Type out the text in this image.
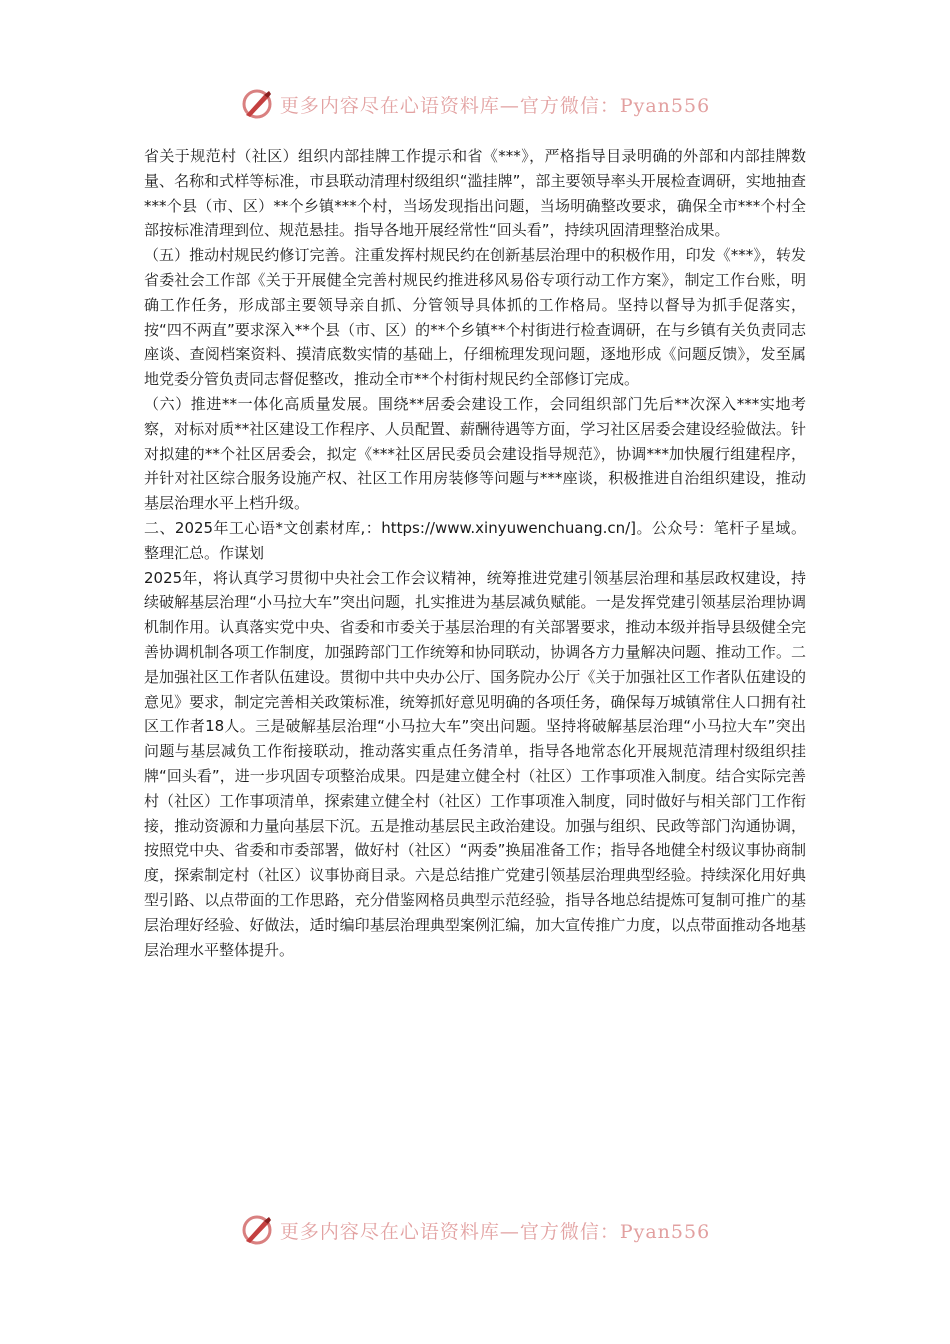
更多内容尽在心语资料库—官方微信：Pyan556

省关于规范村（社区）组织内部挂牌工作提示和省《***》，严格指导目录明确的外部和内部挂牌数量、名称和式样等标准，市县联动清理村级组织“滥挂牌”，部主要领导率头开展检查调研，实地抽查***个县（市、区）**个乡镇***个村，当场发现指出问题，当场明确整改要求，确保全市***个村全部按标准清理到位、规范悬挂。指导各地开展经常性“回头看”，持续巩固清理整治成果。

（五）推动村规民约修订完善。注重发挥村规民约在创新基层治理中的积极作用，印发《***》，转发省委社会工作部《关于开展健全完善村规民约推进移风易俗专项行动工作方案》，制定工作台账，明确工作任务，形成部主要领导亲自抓、分管领导具体抓的工作格局。坚持以督导为抓手促落实，按“四不两直”要求深入**个县（市、区）的**个乡镇**个村街进行检查调研，在与乡镇有关负责同志座谈、查阅档案资料、摸清底数实情的基础上，仔细梳理发现问题，逐地形成《问题反馈》，发至属地党委分管负责同志督促整改，推动全市**个村街村规民约全部修订完成。

（六）推进**一体化高质量发展。围绕**居委会建设工作，会同组织部门先后**次深入***实地考察，对标对质**社区建设工作程序、人员配置、薪酬待遇等方面，学习社区居委会建设经验做法。针对拟建的**个社区居委会，拟定《***社区居民委员会建设指导规范》，协调***加快履行组建程序，并针对社区综合服务设施产权、社区工作用房装修等问题与***座谈，积极推进自治组织建设，推动基层治理水平上档升级。

二、2025年工心语*文创素材库,：https://www.xinyuwenchuang.cn/]。公众号：笔杆子星域。整理汇总。作谋划

2025年，将认真学习贯彻中央社会工作会议精神，统筹推进党建引领基层治理和基层政权建设，持续破解基层治理“小马拉大车”突出问题，扎实推进为基层减负赋能。一是发挥党建引领基层治理协调机制作用。认真落实党中央、省委和市委关于基层治理的有关部署要求，推动本级并指导县级健全完善协调机制各项工作制度，加强跨部门工作统筹和协同联动，协调各方力量解决问题、推动工作。二是加强社区工作者队伍建设。贯彻中共中央办公厅、国务院办公厅《关于加强社区工作者队伍建设的意见》要求，制定完善相关政策标准，统筹抓好意见明确的各项任务，确保每万城镇常住人口拥有社区工作者18人。三是破解基层治理“小马拉大车”突出问题。坚持将破解基层治理“小马拉大车”突出问题与基层减负工作衔接联动，推动落实重点任务清单，指导各地常态化开展规范清理村级组织挂牌“回头看”，进一步巩固专项整治成果。四是建立健全村（社区）工作事项准入制度。结合实际完善村（社区）工作事项清单，探索建立健全村（社区）工作事项准入制度，同时做好与相关部门工作衔接，推动资源和力量向基层下沉。五是推动基层民主政治建设。加强与组织、民政等部门沟通协调，按照党中央、省委和市委部署，做好村（社区）“两委”换届准备工作；指导各地健全村级议事协商制度，探索制定村（社区）议事协商目录。六是总结推广党建引领基层治理典型经验。持续深化用好典型引路、以点带面的工作思路，充分借鉴网格员典型示范经验，指导各地总结提炼可复制可推广的基层治理好经验、好做法，适时编印基层治理典型案例汇编，加大宣传推广力度，以点带面推动各地基层治理水平整体提升。

更多内容尽在心语资料库—官方微信：Pyan556
